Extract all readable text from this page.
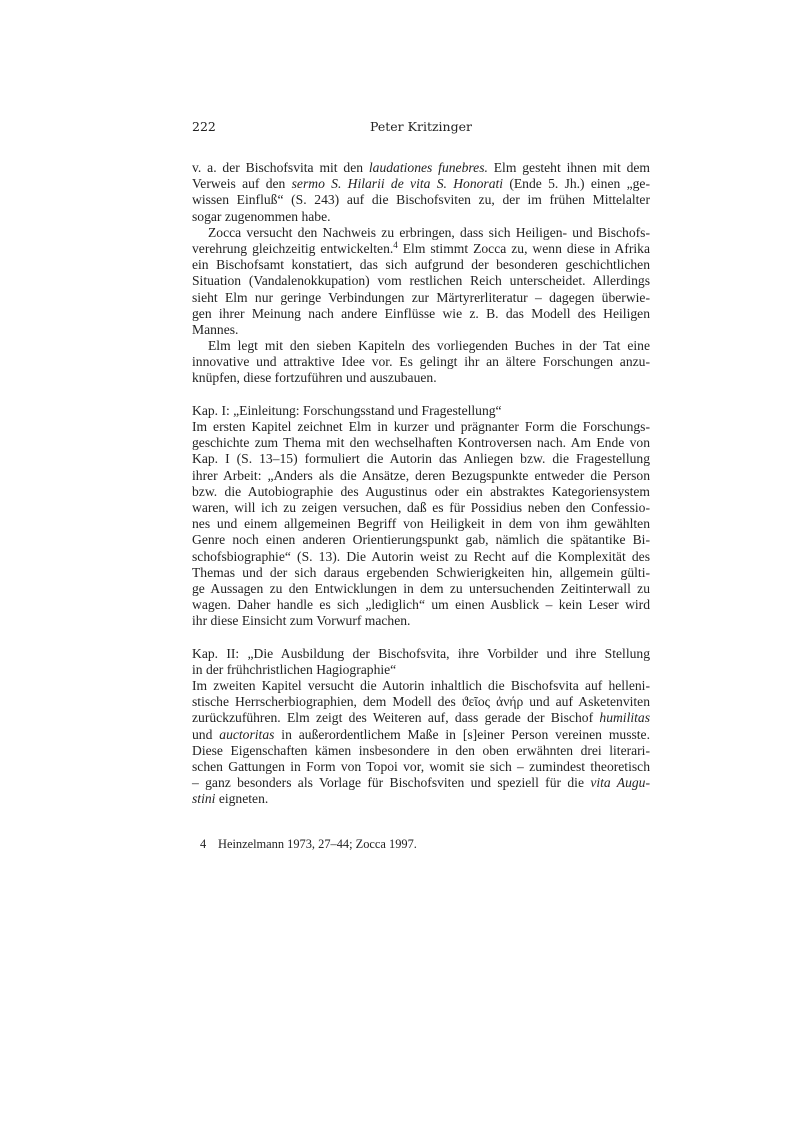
222	Peter Kritzinger
v. a. der Bischofsvita mit den laudationes funebres. Elm gesteht ihnen mit dem
Verweis auf den sermo S. Hilarii de vita S. Honorati (Ende 5. Jh.) einen „ge-
wissen Einfluß“ (S. 243) auf die Bischofsviten zu, der im frühen Mittelalter
sogar zugenommen habe.
Zocca versucht den Nachweis zu erbringen, dass sich Heiligen- und Bischofs-
verehrung gleichzeitig entwickelten.$^4$ Elm stimmt Zocca zu, wenn diese in Afrika
ein Bischofsamt konstatiert, das sich aufgrund der besonderen geschichtlichen
Situation (Vandalenokkupation) vom restlichen Reich unterscheidet. Allerdings
sieht Elm nur geringe Verbindungen zur Märtyrerliteratur – dagegen überwie-
gen ihrer Meinung nach andere Einflüsse wie z. B. das Modell des Heiligen
Mannes.
Elm legt mit den sieben Kapiteln des vorliegenden Buches in der Tat eine
innovative und attraktive Idee vor. Es gelingt ihr an ältere Forschungen anzu-
knüpfen, diese fortzuführen und auszubauen.
Kap. I: „Einleitung: Forschungsstand und Fragestellung“
Im ersten Kapitel zeichnet Elm in kurzer und prägnanter Form die Forschungs-
geschichte zum Thema mit den wechselhaften Kontroversen nach. Am Ende von
Kap. I (S. 13–15) formuliert die Autorin das Anliegen bzw. die Fragestellung
ihrer Arbeit: „Anders als die Ansätze, deren Bezugspunkte entweder die Person
bzw. die Autobiographie des Augustinus oder ein abstraktes Kategoriensystem
waren, will ich zu zeigen versuchen, daß es für Possidius neben den Confessio-
nes und einem allgemeinen Begriff von Heiligkeit in dem von ihm gewählten
Genre noch einen anderen Orientierungspunkt gab, nämlich die spätantike Bi-
schofsbiographie“ (S. 13). Die Autorin weist zu Recht auf die Komplexität des
Themas und der sich daraus ergebenden Schwierigkeiten hin, allgemein gülti-
ge Aussagen zu den Entwicklungen in dem zu untersuchenden Zeitinterwall zu
wagen. Daher handle es sich „lediglich“ um einen Ausblick – kein Leser wird
ihr diese Einsicht zum Vorwurf machen.
Kap. II: „Die Ausbildung der Bischofsvita, ihre Vorbilder und ihre Stellung
in der frühchristlichen Hagiographie“
Im zweiten Kapitel versucht die Autorin inhaltlich die Bischofsvita auf helleni-
stische Herrscherbiographien, dem Modell des ϑεῖος ἀνήρ und auf Asketenviten
zurückzuführen. Elm zeigt des Weiteren auf, dass gerade der Bischof humilitas
und auctoritas in außerordentlichem Maße in [s]einer Person vereinen musste.
Diese Eigenschaften kämen insbesondere in den oben erwähnten drei literari-
schen Gattungen in Form von Topoi vor, womit sie sich – zumindest theoretisch
– ganz besonders als Vorlage für Bischofsviten und speziell für die vita Augu-
stini eigneten.
4 Heinzelmann 1973, 27–44; Zocca 1997.
